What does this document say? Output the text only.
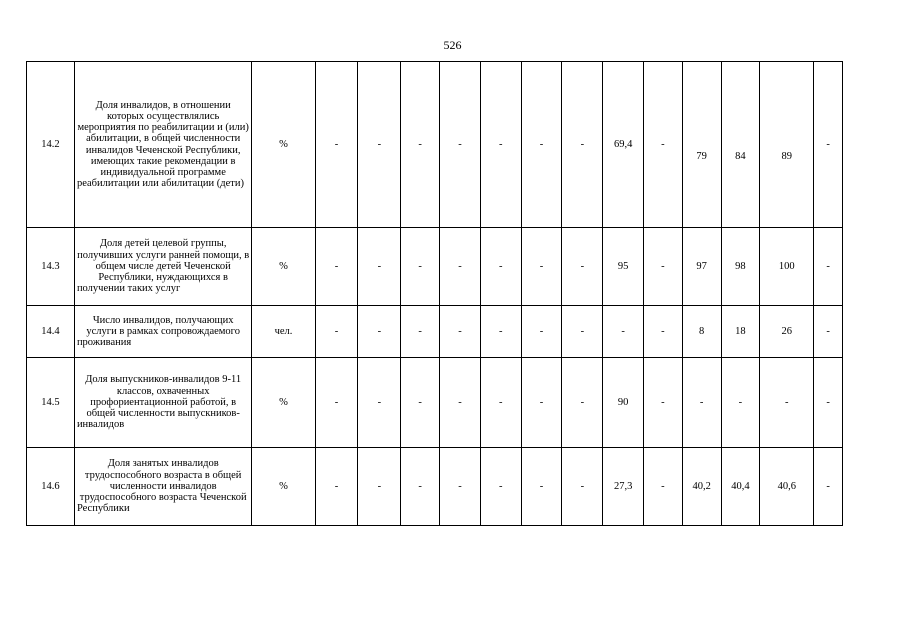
526
14.2	Доля инвалидов, в отношении которых осуществлялись мероприятия по реабилитации и (или) абилитации, в общей численности инвалидов Чеченской Республики, имеющих такие рекомендации в индивидуальной программе реабилитации или абилитации (дети)	%	-	-	-	-	-	-	-	69,4	-	79	84	89	-
14.3	Доля детей целевой группы, получивших услуги ранней помощи, в общем числе детей Чеченской Республики, нуждающихся в получении таких услуг	%	-	-	-	-	-	-	-	95	-	97	98	100	-
14.4	Число инвалидов, получающих услуги в рамках сопровождаемого проживания	чел.	-	-	-	-	-	-	-	-	-	8	18	26	-
14.5	Доля выпускников-инвалидов 9-11 классов, охваченных профориентационной работой, в общей численности выпускников-инвалидов	%	-	-	-	-	-	-	-	90	-	-	-	-	-
14.6	Доля занятых инвалидов трудоспособного возраста в общей численности инвалидов трудоспособного возраста Чеченской Республики	%	-	-	-	-	-	-	-	27,3	-	40,2	40,4	40,6	-
